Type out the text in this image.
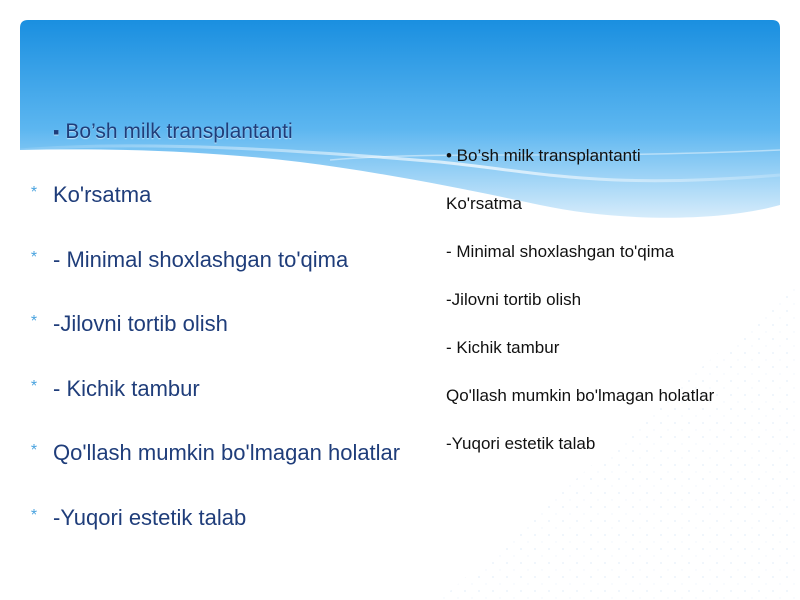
▪ Bo’sh milk transplantanti
* Ko'rsatma
* - Minimal shoxlashgan to'qima
* -Jilovni tortib olish
* - Kichik tambur
* Qo'llash mumkin bo'lmagan holatlar
* -Yuqori estetik talab
• Bo’sh milk transplantanti
Ko'rsatma
- Minimal shoxlashgan to'qima
-Jilovni tortib olish
- Kichik tambur
Qo'llash mumkin bo'lmagan holatlar
-Yuqori estetik talab
